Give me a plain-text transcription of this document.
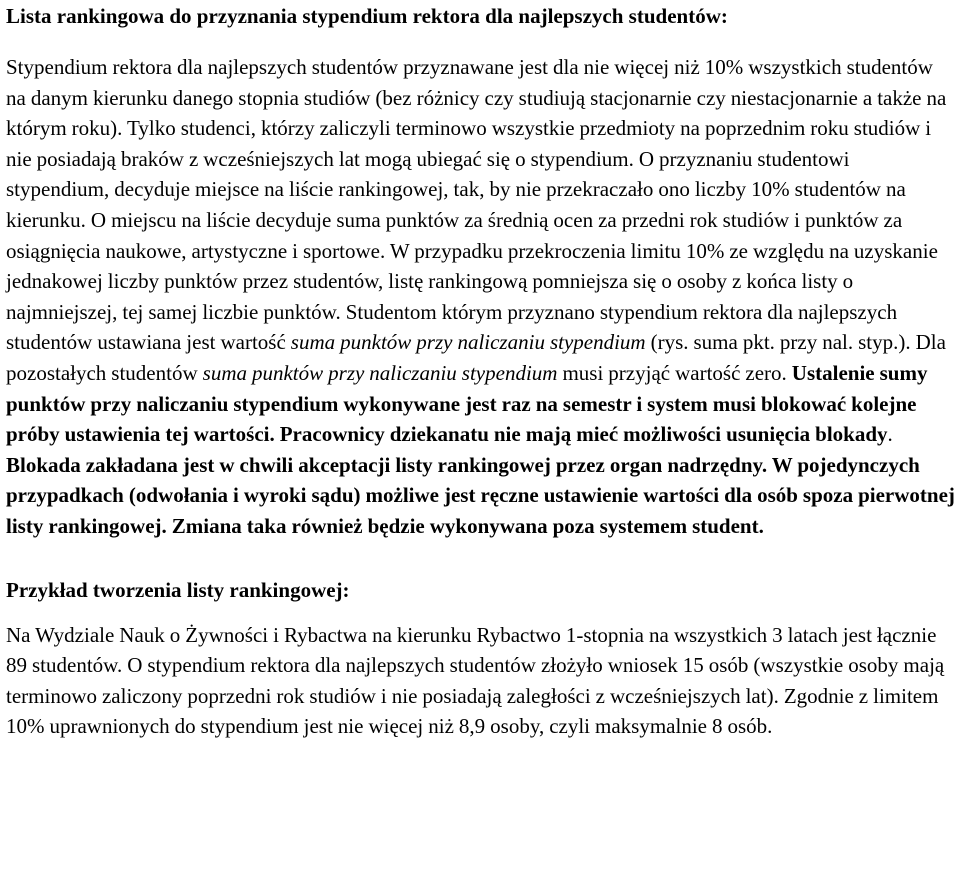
Lista rankingowa do przyznania stypendium rektora dla najlepszych studentów:

Stypendium rektora dla najlepszych studentów przyznawane jest dla nie więcej niż 10% wszystkich studentów na danym kierunku danego stopnia studiów (bez różnicy czy studiują stacjonarnie czy niestacjonarnie a także na którym roku). Tylko studenci, którzy zaliczyli terminowo wszystkie przedmioty na poprzednim roku studiów i nie posiadają braków z wcześniejszych lat mogą ubiegać się o stypendium. O przyznaniu studentowi stypendium, decyduje miejsce na liście rankingowej, tak, by nie przekraczało ono liczby 10% studentów na kierunku. O miejscu na liście decyduje suma punktów za średnią ocen za przedni rok studiów i punktów za osiągnięcia naukowe, artystyczne i sportowe. W przypadku przekroczenia limitu 10% ze względu na uzyskanie jednakowej liczby punktów przez studentów, listę rankingową pomniejsza się o osoby z końca listy o najmniejszej, tej samej liczbie punktów. Studentom którym przyznano stypendium rektora dla najlepszych studentów ustawiana jest wartość suma punktów przy naliczaniu stypendium (rys. suma pkt. przy nal. styp.). Dla pozostałych studentów suma punktów przy naliczaniu stypendium musi przyjąć wartość zero. Ustalenie sumy punktów przy naliczaniu stypendium wykonywane jest raz na semestr i system musi blokować kolejne próby ustawienia tej wartości. Pracownicy dziekanatu nie mają mieć możliwości usunięcia blokady. Blokada zakładana jest w chwili akceptacji listy rankingowej przez organ nadrzędny. W pojedynczych przypadkach (odwołania i wyroki sądu) możliwe jest ręczne ustawienie wartości dla osób spoza pierwotnej listy rankingowej. Zmiana taka również będzie wykonywana poza systemem student.

Przykład tworzenia listy rankingowej:

Na Wydziale Nauk o Żywności i Rybactwa na kierunku Rybactwo 1-stopnia na wszystkich 3 latach jest łącznie 89 studentów. O stypendium rektora dla najlepszych studentów złożyło wniosek 15 osób (wszystkie osoby mają terminowo zaliczony poprzedni rok studiów i nie posiadają zaległości z wcześniejszych lat). Zgodnie z limitem 10% uprawnionych do stypendium jest nie więcej niż 8,9 osoby, czyli maksymalnie 8 osób.
